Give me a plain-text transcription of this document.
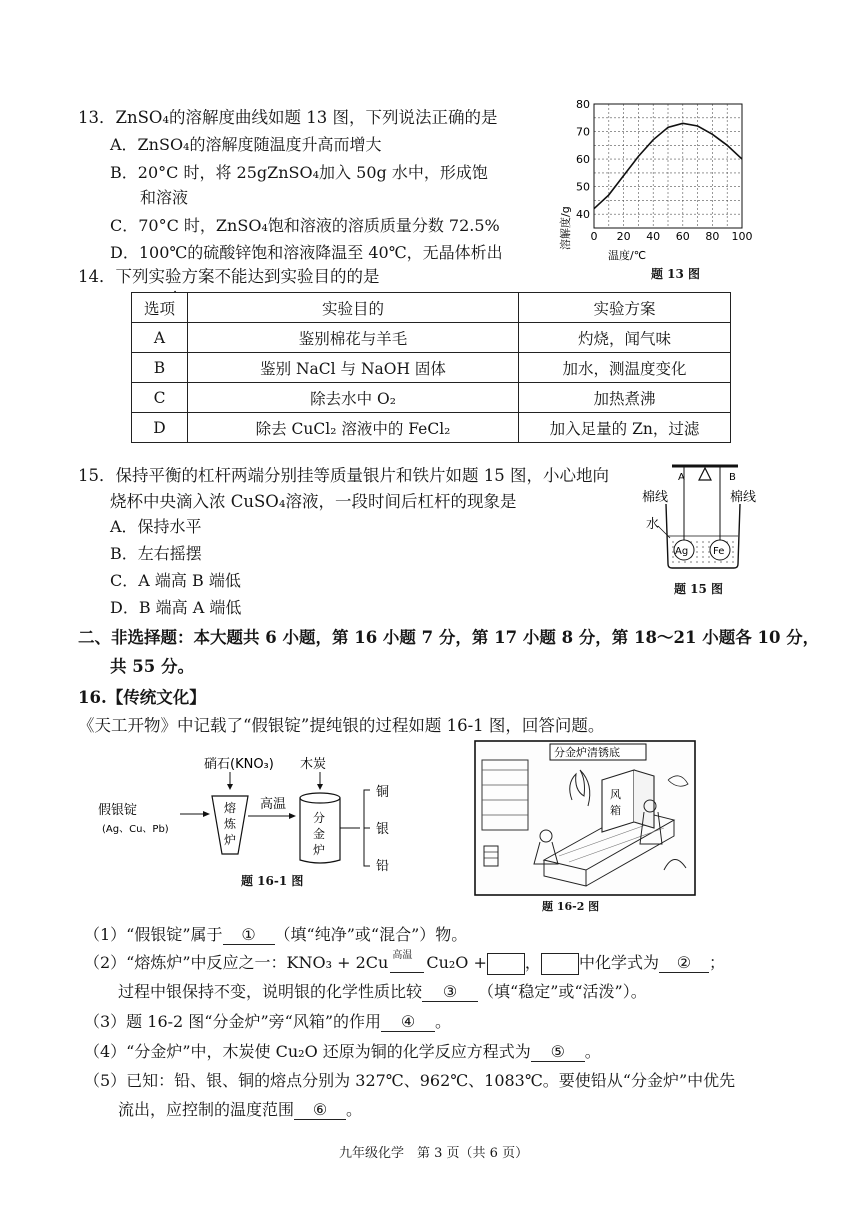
13．ZnSO₄的溶解度曲线如题 13 图，下列说法正确的是
A．ZnSO₄的溶解度随温度升高而增大
B．20°C 时，将 25gZnSO₄加入 50g 水中，形成饱
和溶液
C．70°C 时，ZnSO₄饱和溶液的溶质质量分数 72.5%
D．100℃的硫酸锌饱和溶液降温至 40℃，无晶体析出
0 20 40 60 80 100
40
50
60
70
80
溶解度/g
温度/℃
题 13 图
14．下列实验方案不能达到实验目的的是
·
选项	实验目的	实验方案
A	鉴别棉花与羊毛	灼烧，闻气味
B	鉴别 NaCl 与 NaOH 固体	加水，测温度变化
C	除去水中 O₂	加热煮沸
D	除去 CuCl₂ 溶液中的 FeCl₂	加入足量的 Zn，过滤
15．保持平衡的杠杆两端分别挂等质量银片和铁片如题 15 图，小心地向
烧杯中央滴入浓 CuSO₄溶液，一段时间后杠杆的现象是
A．保持水平
B．左右摇摆
C．A 端高 B 端低
D．B 端高 A 端低
A	B
棉线	棉线
水
Ag Fe
题 15 图
二、非选择题：本大题共 6 小题，第 16 小题 7 分，第 17 小题 8 分，第 18～21 小题各 10 分，
共 55 分。
16.【传统文化】
《天工开物》中记载了“假银锭”提纯银的过程如题 16-1 图，回答问题。
硝石(KNO₃) 木炭
假银锭
(Ag、Cu、Pb)
熔
炼
炉
高温
分
金
炉
铜
银
铅
题 16-1 图
分金炉清锈底
风
箱
题 16-2 图
（1）“假银锭”属于 ① （填“纯净”或“混合”）物。
（2）“熔炼炉”中反应之一：KNO₃ + 2Cu 高温 Cu₂O + ， 中化学式为 ② ；
过程中银保持不变，说明银的化学性质比较 ③ （填“稳定”或“活泼”）。
（3）题 16-2 图“分金炉”旁“风箱”的作用 ④ 。
（4）“分金炉”中，木炭使 Cu₂O 还原为铜的化学反应方程式为 ⑤ 。
（5）已知：铅、银、铜的熔点分别为 327℃、962℃、1083℃。要使铅从“分金炉”中优先
流出，应控制的温度范围 ⑥ 。
九年级化学　第 3 页（共 6 页）
